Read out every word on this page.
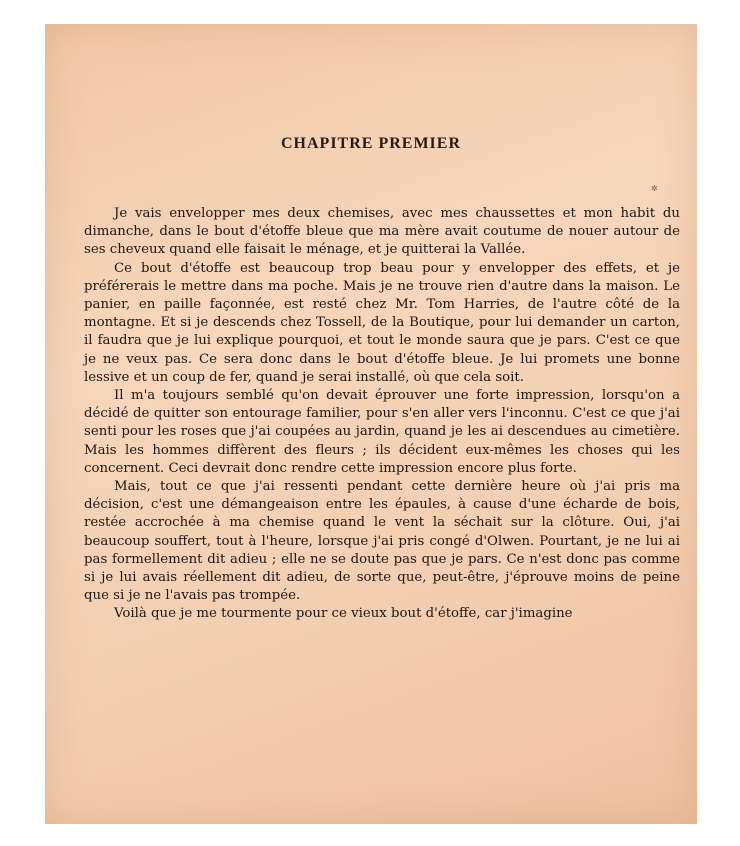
✲
CHAPITRE PREMIER

Je vais envelopper mes deux chemises, avec mes chaussettes et mon habit du dimanche, dans le bout d'étoffe bleue que ma mère avait coutume de nouer autour de ses cheveux quand elle faisait le ménage, et je quitterai la Vallée.

Ce bout d'étoffe est beaucoup trop beau pour y envelopper des effets, et je préférerais le mettre dans ma poche. Mais je ne trouve rien d'autre dans la maison. Le panier, en paille façonnée, est resté chez Mr. Tom Harries, de l'autre côté de la montagne. Et si je descends chez Tossell, de la Boutique, pour lui demander un carton, il faudra que je lui explique pourquoi, et tout le monde saura que je pars. C'est ce que je ne veux pas. Ce sera donc dans le bout d'étoffe bleue. Je lui promets une bonne lessive et un coup de fer, quand je serai installé, où que cela soit.

Il m'a toujours semblé qu'on devait éprouver une forte impression, lorsqu'on a décidé de quitter son entourage familier, pour s'en aller vers l'inconnu. C'est ce que j'ai senti pour les roses que j'ai coupées au jardin, quand je les ai descendues au cimetière. Mais les hommes diffèrent des fleurs ; ils décident eux-mêmes les choses qui les concernent. Ceci devrait donc rendre cette impression encore plus forte.

Mais, tout ce que j'ai ressenti pendant cette dernière heure où j'ai pris ma décision, c'est une démangeaison entre les épaules, à cause d'une écharde de bois, restée accrochée à ma chemise quand le vent la séchait sur la clôture. Oui, j'ai beaucoup souffert, tout à l'heure, lorsque j'ai pris congé d'Olwen. Pourtant, je ne lui ai pas formellement dit adieu ; elle ne se doute pas que je pars. Ce n'est donc pas comme si je lui avais réellement dit adieu, de sorte que, peut-être, j'éprouve moins de peine que si je ne l'avais pas trompée.

Voilà que je me tourmente pour ce vieux bout d'étoffe, car j'imagine
